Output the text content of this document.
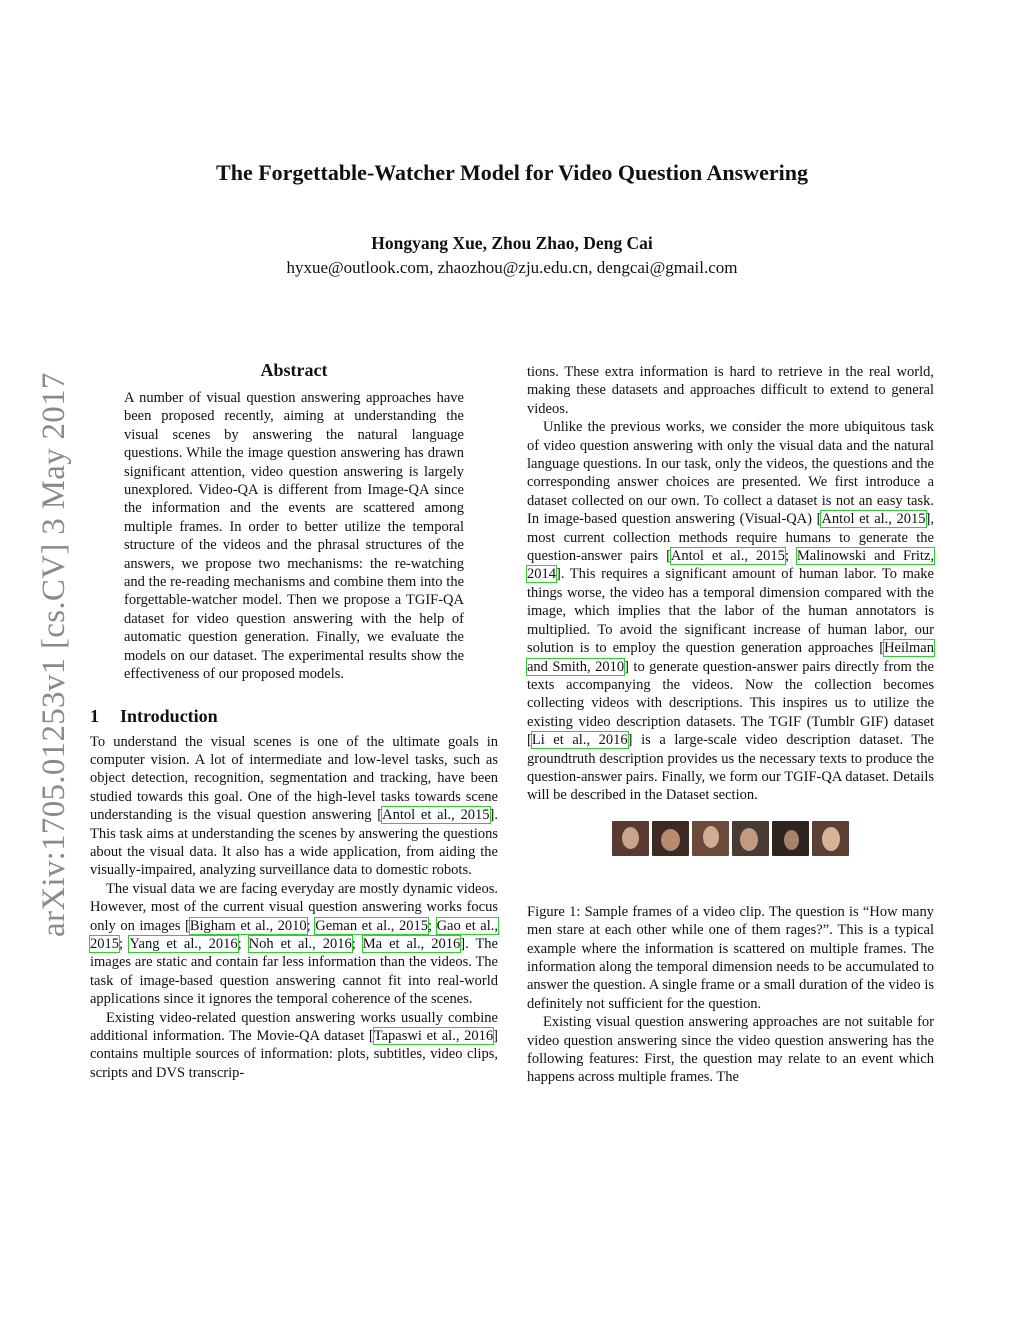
arXiv:1705.01253v1 [cs.CV] 3 May 2017
The Forgettable-Watcher Model for Video Question Answering
Hongyang Xue, Zhou Zhao, Deng Cai
hyxue@outlook.com, zhaozhou@zju.edu.cn, dengcai@gmail.com
Abstract
A number of visual question answering approaches have been proposed recently, aiming at understanding the visual scenes by answering the natural language questions. While the image question answering has drawn significant attention, video question answering is largely unexplored. Video-QA is different from Image-QA since the information and the events are scattered among multiple frames. In order to better utilize the temporal structure of the videos and the phrasal structures of the answers, we propose two mechanisms: the re-watching and the re-reading mechanisms and combine them into the forgettable-watcher model. Then we propose a TGIF-QA dataset for video question answering with the help of automatic question generation. Finally, we evaluate the models on our dataset. The experimental results show the effectiveness of our proposed models.
1 Introduction

To understand the visual scenes is one of the ultimate goals in computer vision. A lot of intermediate and low-level tasks, such as object detection, recognition, segmentation and tracking, have been studied towards this goal. One of the high-level tasks towards scene understanding is the visual question answering [Antol et al., 2015]. This task aims at understanding the scenes by answering the questions about the visual data. It also has a wide application, from aiding the visually-impaired, analyzing surveillance data to domestic robots.

The visual data we are facing everyday are mostly dynamic videos. However, most of the current visual question answering works focus only on images [Bigham et al., 2010; Geman et al., 2015; Gao et al., 2015; Yang et al., 2016; Noh et al., 2016; Ma et al., 2016]. The images are static and contain far less information than the videos. The task of image-based question answering cannot fit into real-world applications since it ignores the temporal coherence of the scenes.

Existing video-related question answering works usually combine additional information. The Movie-QA dataset [Tapaswi et al., 2016] contains multiple sources of information: plots, subtitles, video clips, scripts and DVS transcrip-

tions. These extra information is hard to retrieve in the real world, making these datasets and approaches difficult to extend to general videos.

Unlike the previous works, we consider the more ubiquitous task of video question answering with only the visual data and the natural language questions. In our task, only the videos, the questions and the corresponding answer choices are presented. We first introduce a dataset collected on our own. To collect a dataset is not an easy task. In image-based question answering (Visual-QA) [Antol et al., 2015], most current collection methods require humans to generate the question-answer pairs [Antol et al., 2015; Malinowski and Fritz, 2014]. This requires a significant amount of human labor. To make things worse, the video has a temporal dimension compared with the image, which implies that the labor of the human annotators is multiplied. To avoid the significant increase of human labor, our solution is to employ the question generation approaches [Heilman and Smith, 2010] to generate question-answer pairs directly from the texts accompanying the videos. Now the collection becomes collecting videos with descriptions. This inspires us to utilize the existing video description datasets. The TGIF (Tumblr GIF) dataset [Li et al., 2016] is a large-scale video description dataset. The groundtruth description provides us the necessary texts to produce the question-answer pairs. Finally, we form our TGIF-QA dataset. Details will be described in the Dataset section.

Figure 1: Sample frames of a video clip. The question is “How many men stare at each other while one of them rages?”. This is a typical example where the information is scattered on multiple frames. The information along the temporal dimension needs to be accumulated to answer the question. A single frame or a small duration of the video is definitely not sufficient for the question.

Existing visual question answering approaches are not suitable for video question answering since the video question answering has the following features: First, the question may relate to an event which happens across multiple frames. The
